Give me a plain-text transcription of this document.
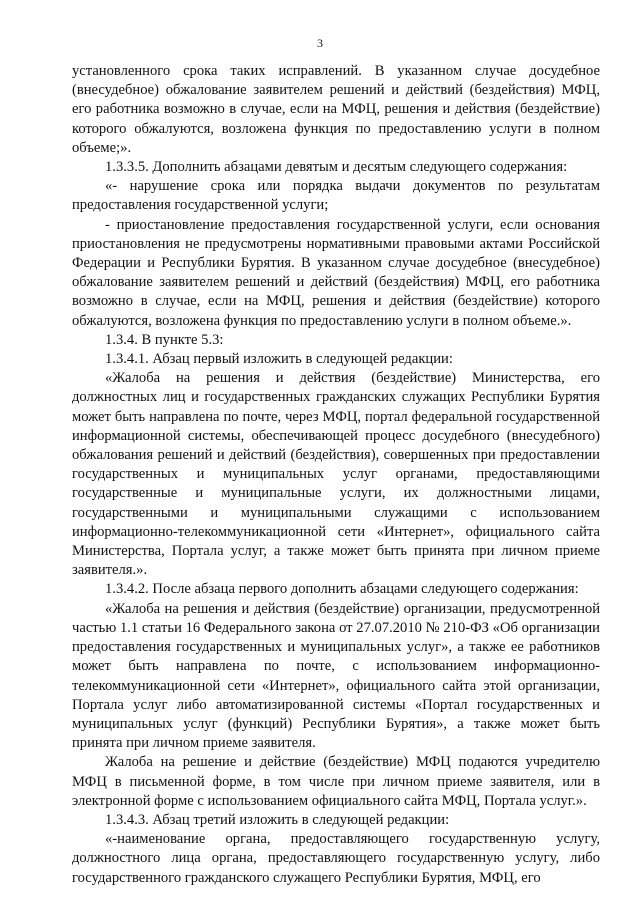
3

установленного срока таких исправлений. В указанном случае досудебное (внесудебное) обжалование заявителем решений и действий (бездействия) МФЦ, его работника возможно в случае, если на МФЦ, решения и действия (бездействие) которого обжалуются, возложена функция по предоставлению услуги в полном объеме;».

1.3.3.5. Дополнить абзацами девятым и десятым следующего содержания:

«- нарушение срока или порядка выдачи документов по результатам предоставления государственной услуги;

- приостановление предоставления государственной услуги, если основания приостановления не предусмотрены нормативными правовыми актами Российской Федерации и Республики Бурятия. В указанном случае досудебное (внесудебное) обжалование заявителем решений и действий (бездействия) МФЦ, его работника возможно в случае, если на МФЦ, решения и действия (бездействие) которого обжалуются, возложена функция по предоставлению услуги в полном объеме.».

1.3.4. В пункте 5.3:

1.3.4.1. Абзац первый изложить в следующей редакции:

«Жалоба на решения и действия (бездействие) Министерства, его должностных лиц и государственных гражданских служащих Республики Бурятия может быть направлена по почте, через МФЦ, портал федеральной государственной информационной системы, обеспечивающей процесс досудебного (внесудебного) обжалования решений и действий (бездействия), совершенных при предоставлении государственных и муниципальных услуг органами, предоставляющими государственные и муниципальные услуги, их должностными лицами, государственными и муниципальными служащими с использованием информационно-телекоммуникационной сети «Интернет», официального сайта Министерства, Портала услуг, а также может быть принята при личном приеме заявителя.».

1.3.4.2. После абзаца первого дополнить абзацами следующего содержания:

«Жалоба на решения и действия (бездействие) организации, предусмотренной частью 1.1 статьи 16 Федерального закона от 27.07.2010 № 210-ФЗ «Об организации предоставления государственных и муниципальных услуг», а также ее работников может быть направлена по почте, с использованием информационно-телекоммуникационной сети «Интернет», официального сайта этой организации, Портала услуг либо автоматизированной системы «Портал государственных и муниципальных услуг (функций) Республики Бурятия», а также может быть принята при личном приеме заявителя.

Жалоба на решение и действие (бездействие) МФЦ подаются учредителю МФЦ в письменной форме, в том числе при личном приеме заявителя, или в электронной форме с использованием официального сайта МФЦ, Портала услуг.».

1.3.4.3. Абзац третий изложить в следующей редакции:

«-наименование органа, предоставляющего государственную услугу, должностного лица органа, предоставляющего государственную услугу, либо государственного гражданского служащего Республики Бурятия, МФЦ, его
